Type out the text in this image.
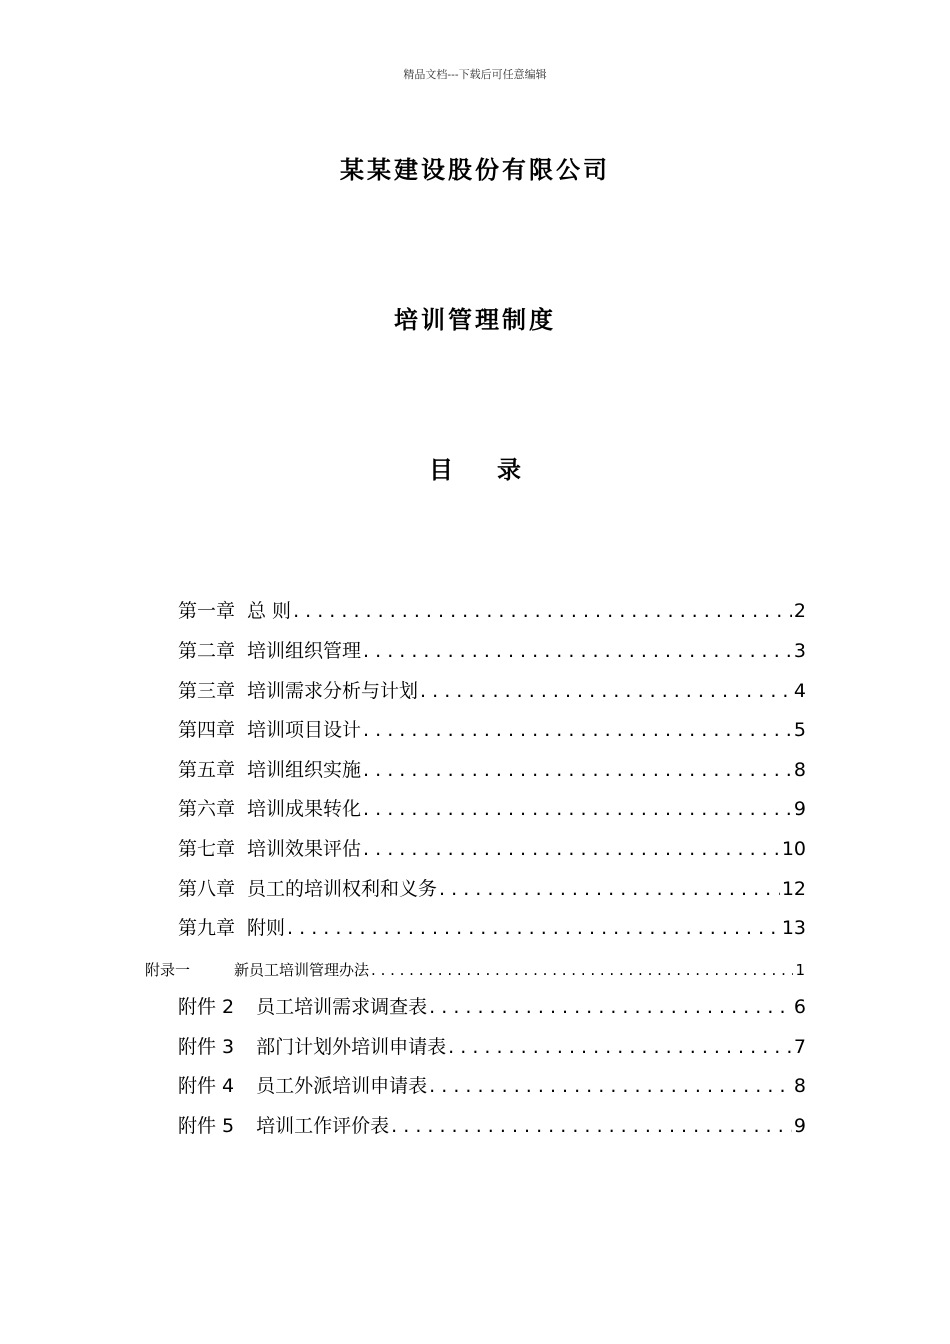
精品文档---下载后可任意编辑
某某建设股份有限公司
培训管理制度
目 录
第一章 总 则 . . .	2
第二章 培训组织管理 . . .	3
第三章 培训需求分析与计划 . . .	4
第四章 培训项目设计 . . .	5
第五章 培训组织实施 . . .	8
第六章 培训成果转化 . . .	9
第七章 培训效果评估 . . .	10
第八章 员工的培训权利和义务 . . .	12
第九章 附则 . . .	13
附录一	新员工培训管理办法 . . .	1
附件 2 员工培训需求调查表 . . .	6
附件 3 部门计划外培训申请表 . . .	7
附件 4 员工外派培训申请表 . . .	8
附件 5 培训工作评价表 . . .	9
